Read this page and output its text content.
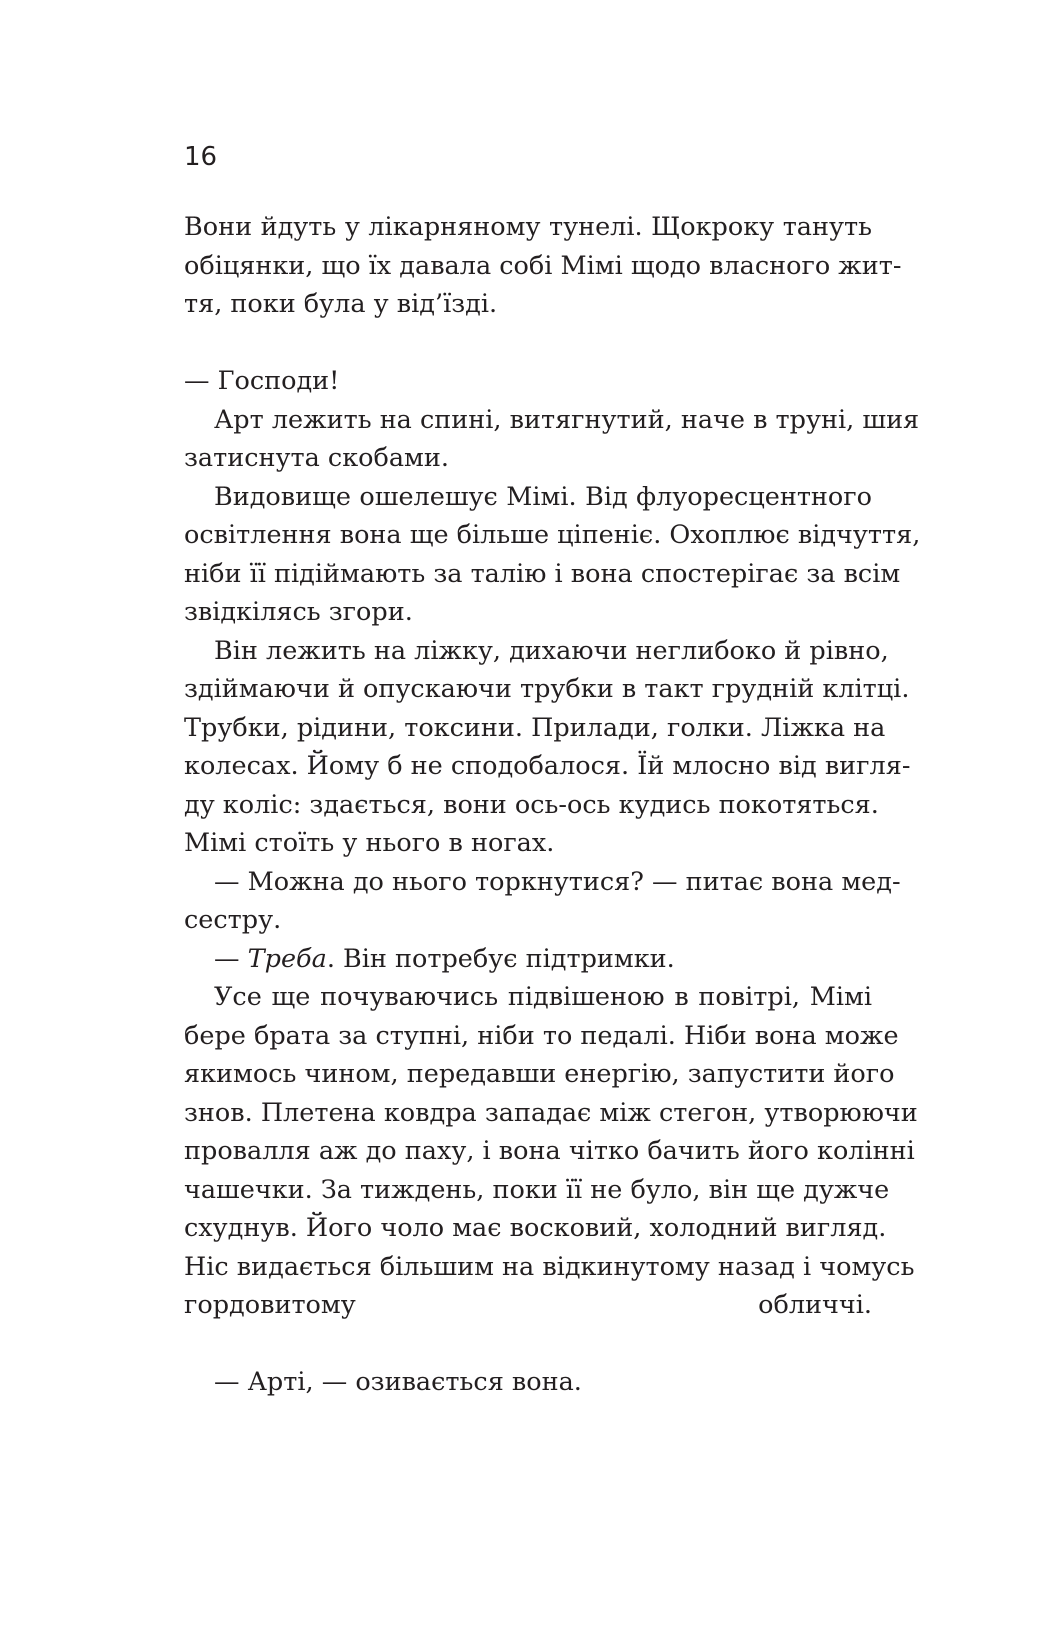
16
Вони йдуть у лікарняному тунелі. Щокроку тануть
обіцянки, що їх давала собі Мімі щодо власного жит-
тя, поки була у від’їзді.
— Господи!
Арт лежить на спині, витягнутий, наче в труні, шия
затиснута скобами.
Видовище ошелешує Мімі. Від флуоресцентного
освітлення вона ще більше ціпеніє. Охоплює відчуття,
ніби її підіймають за талію і вона спостерігає за всім
звідкілясь згори.
Він лежить на ліжку, дихаючи неглибоко й рівно,
здіймаючи й опускаючи трубки в такт грудній клітці.
Трубки, рідини, токсини. Прилади, голки. Ліжка на
колесах. Йому б не сподобалося. Їй млосно від вигля-
ду коліс: здається, вони ось-ось кудись покотяться.
Мімі стоїть у нього в ногах.
— Можна до нього торкнутися? — питає вона мед-
сестру.
— Треба. Він потребує підтримки.
Усе ще почуваючись підвішеною в повітрі, Мімі
бере брата за ступні, ніби то педалі. Ніби вона може
якимось чином, передавши енергію, запустити його
знов. Плетена ковдра западає між стегон, утворюючи
провалля аж до паху, і вона чітко бачить його колінні
чашечки. За тиждень, поки її не було, він ще дужче
схуднув. Його чоло має восковий, холодний вигляд.
Ніс видається більшим на відкинутому назад і чомусь
гордовитому обличчі.
— Арті, — озивається вона.
